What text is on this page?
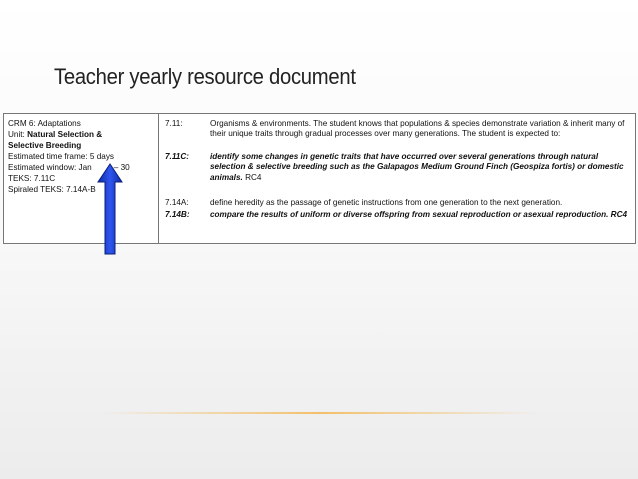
Teacher yearly resource document
CRM 6: Adaptations
Unit: Natural Selection &
Selective Breeding
Estimated time frame: 5 days
Estimated window: Jan	– 30
TEKS: 7.11C
Spiraled TEKS: 7.14A-B
7.11:	Organisms & environments. The student knows that populations & species demonstrate variation & inherit many of their unique traits through gradual processes over many generations. The student is expected to:
7.11C:	identify some changes in genetic traits that have occurred over several generations through natural selection & selective breeding such as the Galapagos Medium Ground Finch (Geospiza fortis) or domestic animals. RC4
7.14A:	define heredity as the passage of genetic instructions from one generation to the next generation.
7.14B:	compare the results of uniform or diverse offspring from sexual reproduction or asexual reproduction. RC4
